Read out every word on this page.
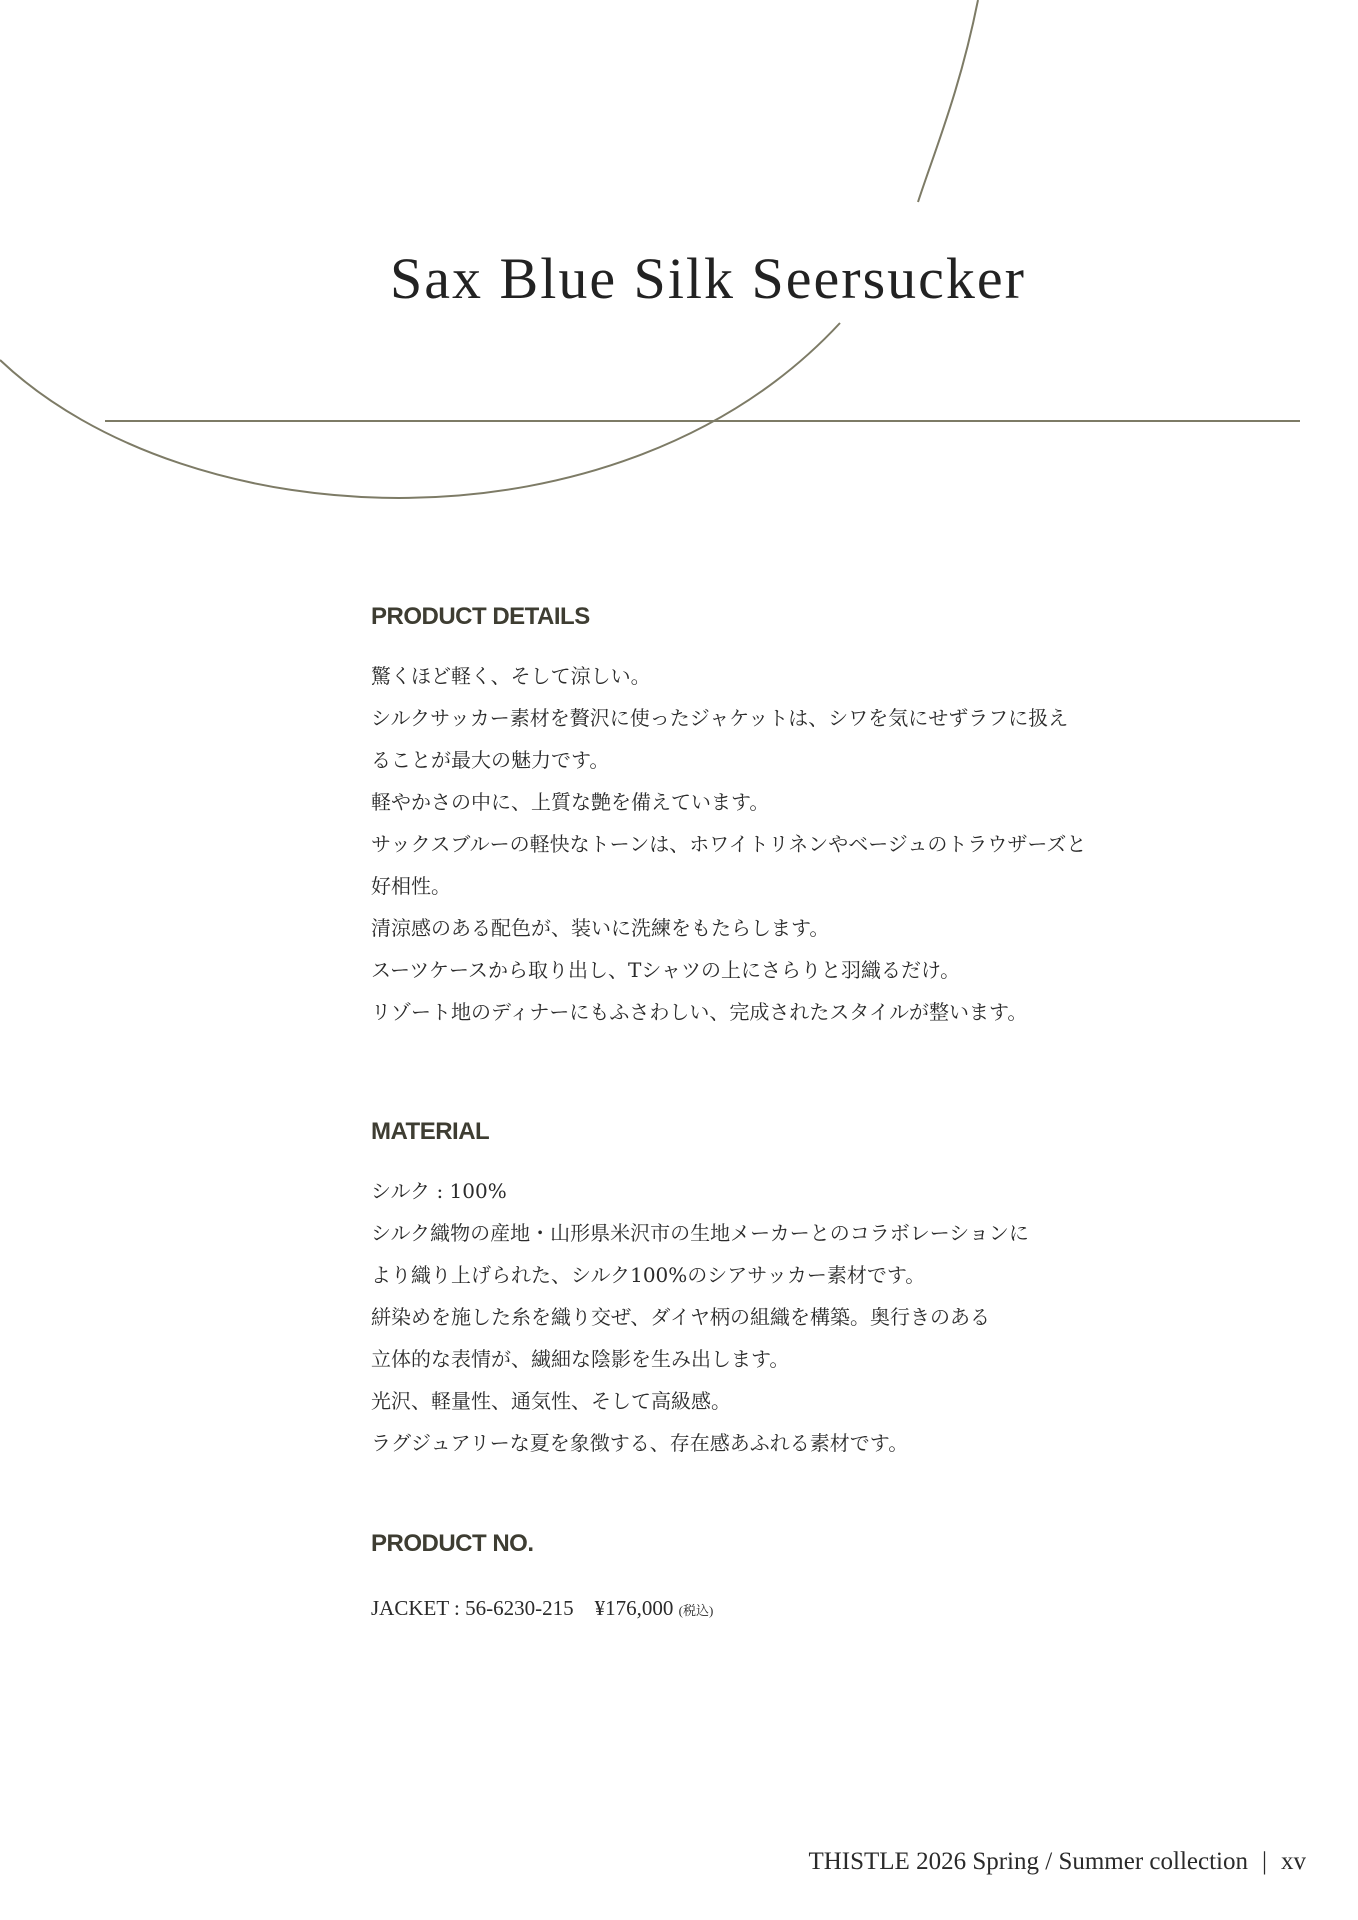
Sax Blue Silk Seersucker
PRODUCT DETAILS
驚くほど軽く、そして涼しい。
シルクサッカー素材を贅沢に使ったジャケットは、シワを気にせずラフに扱え
ることが最大の魅力です。
軽やかさの中に、上質な艶を備えています。
サックスブルーの軽快なトーンは、ホワイトリネンやベージュのトラウザーズと
好相性。
清涼感のある配色が、装いに洗練をもたらします。
スーツケースから取り出し、Tシャツの上にさらりと羽織るだけ。
リゾート地のディナーにもふさわしい、完成されたスタイルが整います。
MATERIAL
シルク : 100%
シルク織物の産地・山形県米沢市の生地メーカーとのコラボレーションに
より織り上げられた、シルク100%のシアサッカー素材です。
絣染めを施した糸を織り交ぜ、ダイヤ柄の組織を構築。奥行きのある
立体的な表情が、繊細な陰影を生み出します。
光沢、軽量性、通気性、そして高級感。
ラグジュアリーな夏を象徴する、存在感あふれる素材です。
PRODUCT NO.
JACKET : 56-6230-215　¥176,000 (税込)
THISTLE 2026 Spring / Summer collection | xv
